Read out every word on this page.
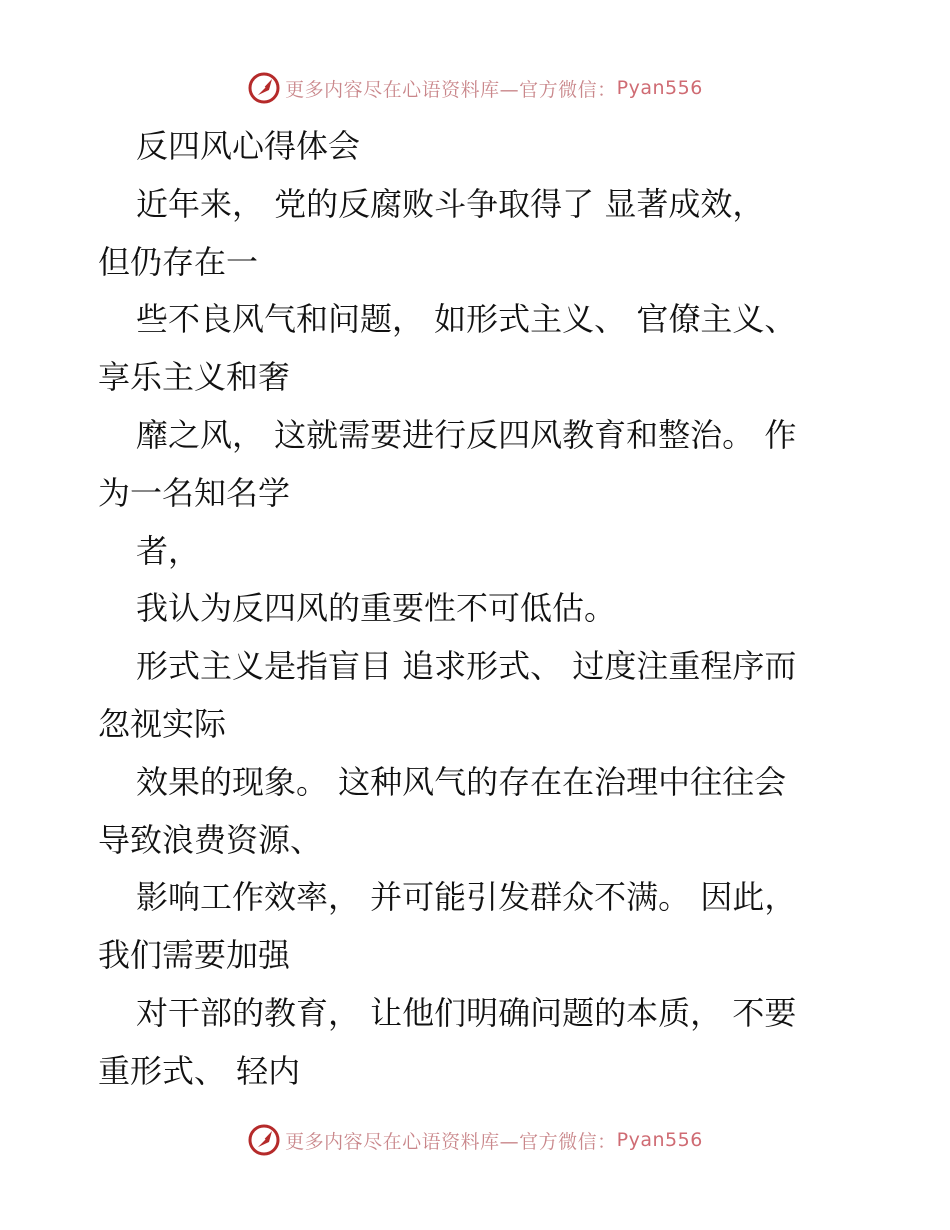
更多内容尽在心语资料库—官方微信： Pyan556
反四风心得体会
近年来， 党的反腐败斗争取得了 显著成效，
但仍存在一
些不良风气和问题， 如形式主义、 官僚主义、
享乐主义和奢
靡之风， 这就需要进行反四风教育和整治。 作
为一名知名学
者，
我认为反四风的重要性不可低估。
形式主义是指盲目 追求形式、 过度注重程序而
忽视实际
效果的现象。 这种风气的存在在治理中往往会
导致浪费资源、
影响工作效率， 并可能引发群众不满。 因此，
我们需要加强
对干部的教育， 让他们明确问题的本质， 不要
重形式、 轻内
更多内容尽在心语资料库—官方微信： Pyan556
